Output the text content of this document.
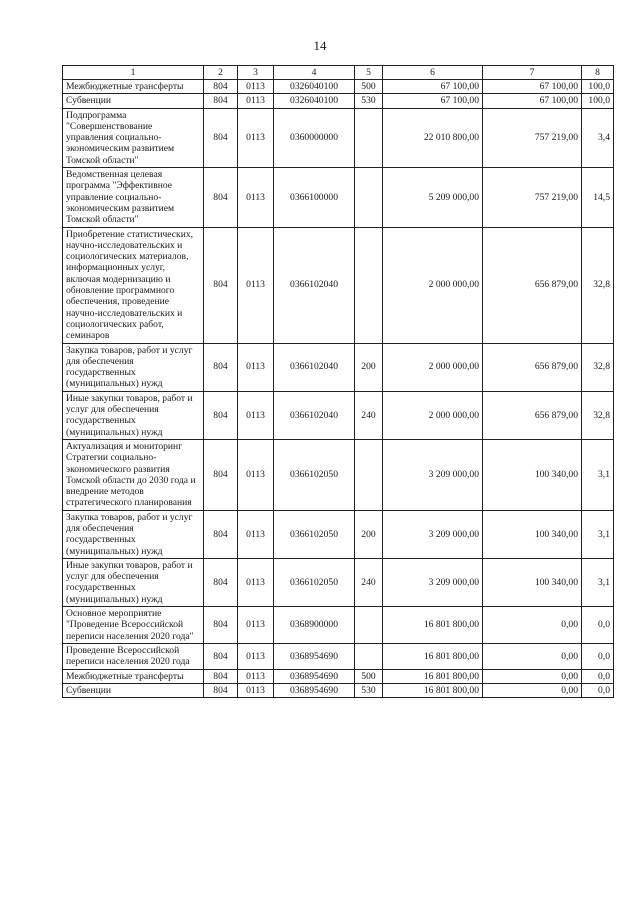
14
1	2	3	4	5	6	7	8
Межбюджетные трансферты	804	0113	0326040100	500	67 100,00	67 100,00	100,0
Субвенции	804	0113	0326040100	530	67 100,00	67 100,00	100,0
Подпрограмма "Совершенствование управления социально-экономическим развитием Томской области"	804	0113	0360000000		22 010 800,00	757 219,00	3,4
Ведомственная целевая программа "Эффективное управление социально-экономическим развитием Томской области"	804	0113	0366100000		5 209 000,00	757 219,00	14,5
Приобретение статистических, научно-исследовательских и социологических материалов, информационных услуг, включая модернизацию и обновление программного обеспечения, проведение научно-исследовательских и социологических работ, семинаров	804	0113	0366102040		2 000 000,00	656 879,00	32,8
Закупка товаров, работ и услуг для обеспечения государственных (муниципальных) нужд	804	0113	0366102040	200	2 000 000,00	656 879,00	32,8
Иные закупки товаров, работ и услуг для обеспечения государственных (муниципальных) нужд	804	0113	0366102040	240	2 000 000,00	656 879,00	32,8
Актуализация и мониторинг Стратегии социально-экономического развития Томской области до 2030 года и внедрение методов стратегического планирования	804	0113	0366102050		3 209 000,00	100 340,00	3,1
Закупка товаров, работ и услуг для обеспечения государственных (муниципальных) нужд	804	0113	0366102050	200	3 209 000,00	100 340,00	3,1
Иные закупки товаров, работ и услуг для обеспечения государственных (муниципальных) нужд	804	0113	0366102050	240	3 209 000,00	100 340,00	3,1
Основное мероприятие "Проведение Всероссийской переписи населения 2020 года"	804	0113	0368900000		16 801 800,00	0,00	0,0
Проведение Всероссийской переписи населения 2020 года	804	0113	0368954690		16 801 800,00	0,00	0,0
Межбюджетные трансферты	804	0113	0368954690	500	16 801 800,00	0,00	0,0
Субвенции	804	0113	0368954690	530	16 801 800,00	0,00	0,0
